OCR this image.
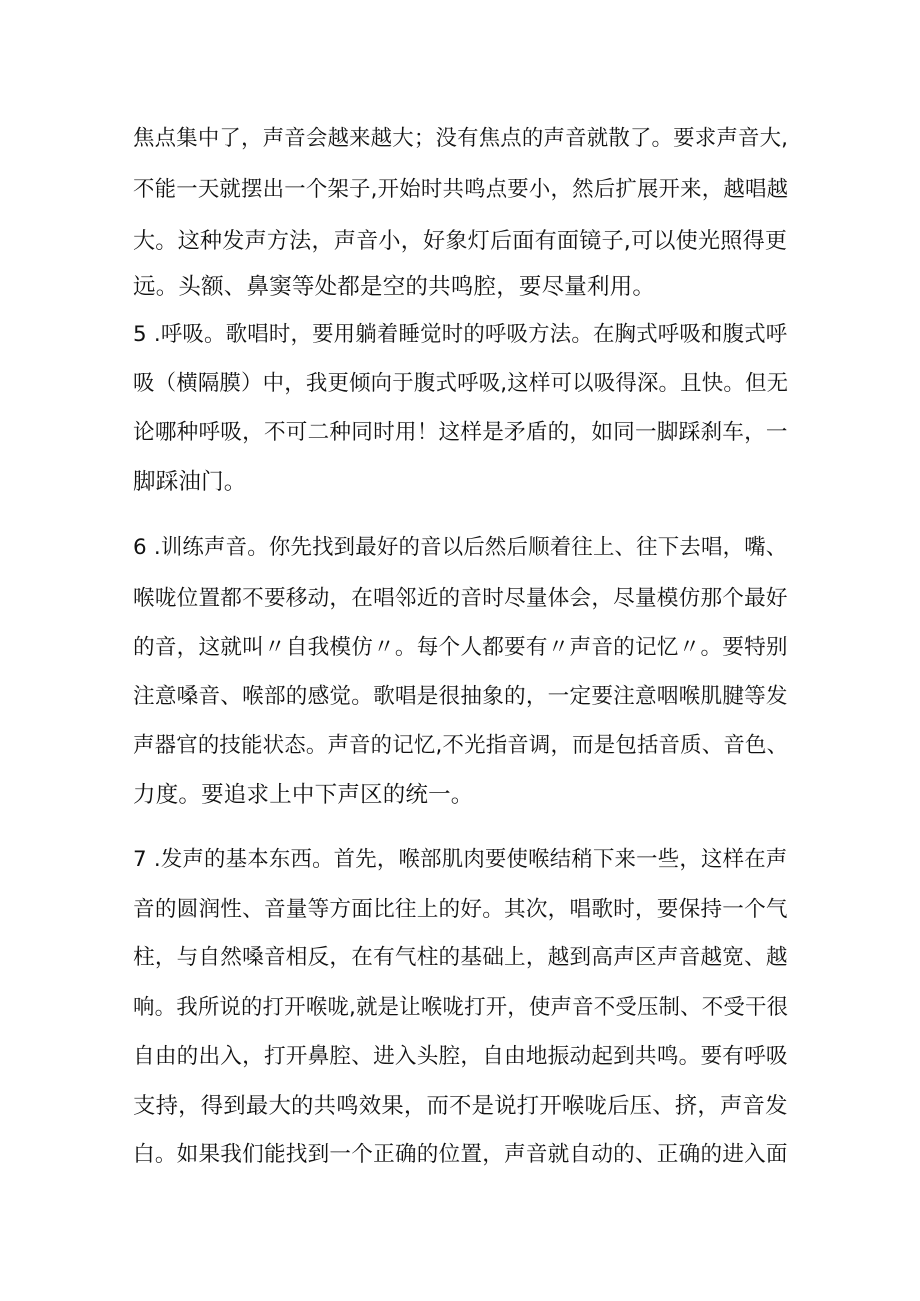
焦点集中了，声音会越来越大；没有焦点的声音就散了。要求声音大,
不能一天就摆出一个架子,开始时共鸣点要小，然后扩展开来，越唱越
大。这种发声方法，声音小，好象灯后面有面镜子,可以使光照得更
远。头额、鼻窦等处都是空的共鸣腔，要尽量利用。
5 .呼吸。歌唱时，要用躺着睡觉时的呼吸方法。在胸式呼吸和腹式呼
吸（横隔膜）中，我更倾向于腹式呼吸,这样可以吸得深。且快。但无
论哪种呼吸，不可二种同时用！这样是矛盾的，如同一脚踩刹车，一
脚踩油门。
6 .训练声音。你先找到最好的音以后然后顺着往上、往下去唱，嘴、
喉咙位置都不要移动，在唱邻近的音时尽量体会，尽量模仿那个最好
的音，这就叫〃自我模仿〃。每个人都要有〃声音的记忆〃。要特别
注意嗓音、喉部的感觉。歌唱是很抽象的，一定要注意咽喉肌腱等发
声器官的技能状态。声音的记忆,不光指音调，而是包括音质、音色、
力度。要追求上中下声区的统一。
7 .发声的基本东西。首先，喉部肌肉要使喉结稍下来一些，这样在声
音的圆润性、音量等方面比往上的好。其次，唱歌时，要保持一个气
柱，与自然嗓音相反，在有气柱的基础上，越到高声区声音越宽、越
响。我所说的打开喉咙,就是让喉咙打开，使声音不受压制、不受干很
自由的出入，打开鼻腔、进入头腔，自由地振动起到共鸣。要有呼吸
支持，得到最大的共鸣效果，而不是说打开喉咙后压、挤，声音发
白。如果我们能找到一个正确的位置，声音就自动的、正确的进入面
